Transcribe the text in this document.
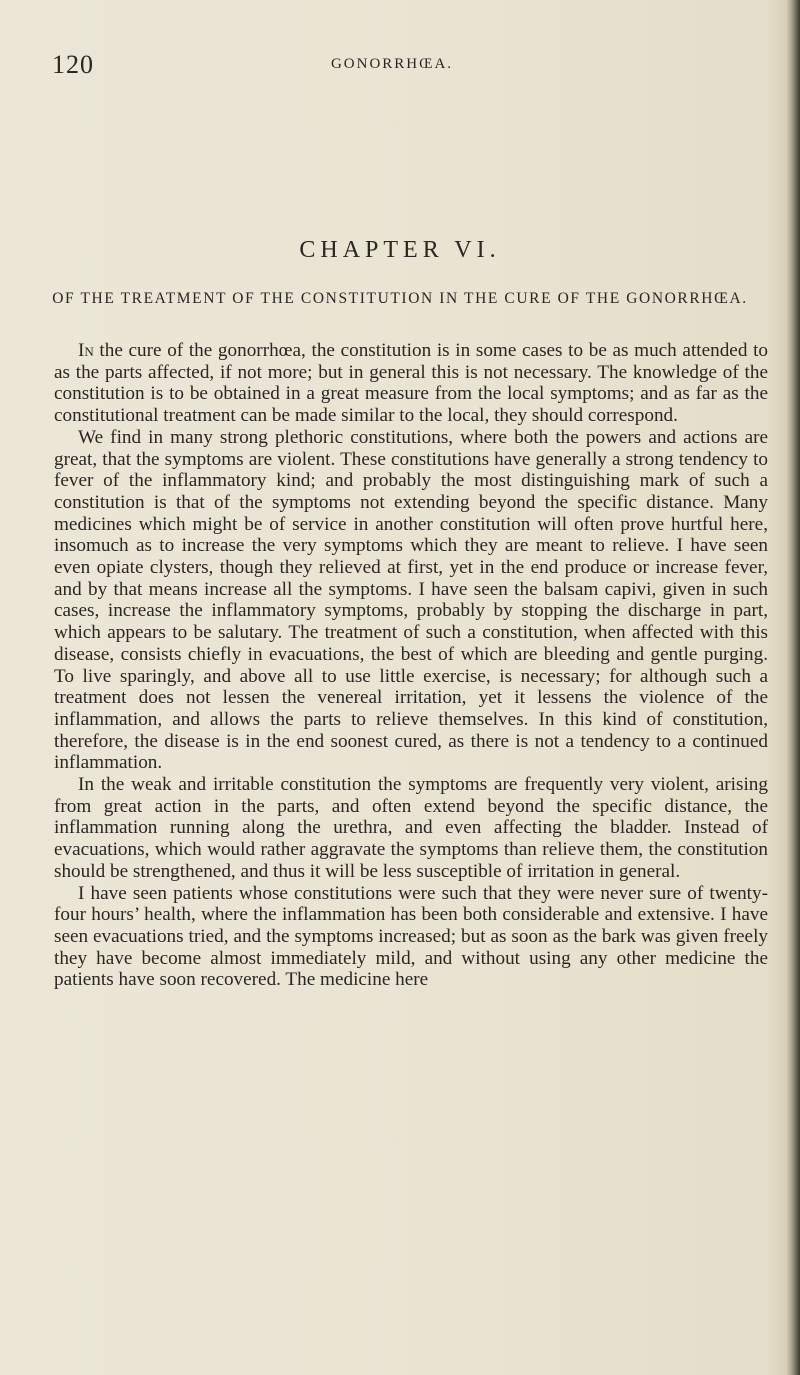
120	GONORRHŒA.
CHAPTER VI.
OF THE TREATMENT OF THE CONSTITUTION IN THE CURE OF THE GONORRHŒA.

In the cure of the gonorrhœa, the constitution is in some cases to be as much attended to as the parts affected, if not more; but in general this is not necessary. The knowledge of the constitution is to be obtained in a great measure from the local symptoms; and as far as the constitutional treatment can be made similar to the local, they should correspond.

We find in many strong plethoric constitutions, where both the powers and actions are great, that the symptoms are violent. These constitutions have generally a strong tendency to fever of the inflammatory kind; and probably the most distinguishing mark of such a constitution is that of the symptoms not extending beyond the specific distance. Many medicines which might be of service in another constitution will often prove hurtful here, insomuch as to increase the very symptoms which they are meant to relieve. I have seen even opiate clysters, though they relieved at first, yet in the end produce or increase fever, and by that means increase all the symptoms. I have seen the balsam capivi, given in such cases, increase the inflammatory symptoms, probably by stopping the discharge in part, which appears to be salutary. The treatment of such a constitution, when affected with this disease, consists chiefly in evacuations, the best of which are bleeding and gentle purging. To live sparingly, and above all to use little exercise, is necessary; for although such a treatment does not lessen the venereal irritation, yet it lessens the violence of the inflammation, and allows the parts to relieve themselves. In this kind of constitution, therefore, the disease is in the end soonest cured, as there is not a tendency to a continued inflammation.

In the weak and irritable constitution the symptoms are frequently very violent, arising from great action in the parts, and often extend beyond the specific distance, the inflammation running along the urethra, and even affecting the bladder. Instead of evacuations, which would rather aggravate the symptoms than relieve them, the constitution should be strengthened, and thus it will be less susceptible of irritation in general.

I have seen patients whose constitutions were such that they were never sure of twenty-four hours’ health, where the inflammation has been both considerable and extensive. I have seen evacuations tried, and the symptoms increased; but as soon as the bark was given freely they have become almost immediately mild, and without using any other medicine the patients have soon recovered. The medicine here
